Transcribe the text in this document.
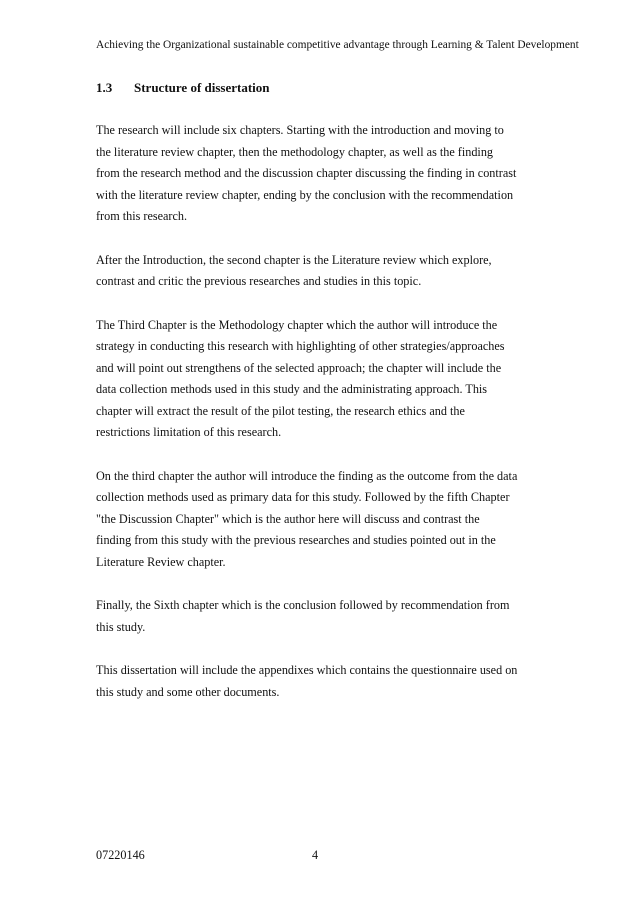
Achieving the Organizational sustainable competitive advantage through Learning & Talent Development
1.3 Structure of dissertation

The research will include six chapters. Starting with the introduction and moving to
the literature review chapter, then the methodology chapter, as well as the finding
from the research method and the discussion chapter discussing the finding in contrast
with the literature review chapter, ending by the conclusion with the recommendation
from this research.

After the Introduction, the second chapter is the Literature review which explore,
contrast and critic the previous researches and studies in this topic.

The Third Chapter is the Methodology chapter which the author will introduce the
strategy in conducting this research with highlighting of other strategies/approaches
and will point out strengthens of the selected approach; the chapter will include the
data collection methods used in this study and the administrating approach. This
chapter will extract the result of the pilot testing, the research ethics and the
restrictions limitation of this research.

On the third chapter the author will introduce the finding as the outcome from the data
collection methods used as primary data for this study. Followed by the fifth Chapter
"the Discussion Chapter" which is the author here will discuss and contrast the
finding from this study with the previous researches and studies pointed out in the
Literature Review chapter.

Finally, the Sixth chapter which is the conclusion followed by recommendation from
this study.

This dissertation will include the appendixes which contains the questionnaire used on
this study and some other documents.

07220146	4
